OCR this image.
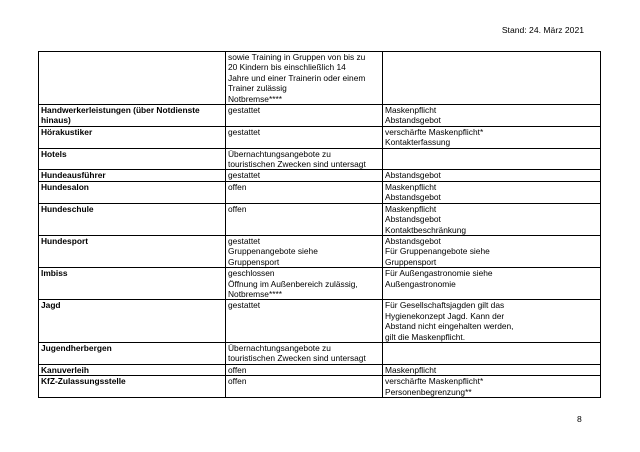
Stand: 24. März 2021

	sowie Training in Gruppen von bis zu
20 Kindern bis einschließlich 14
Jahre und einer Trainerin oder einem
Trainer zulässig
Notbremse****	

Handwerkerleistungen (über Notdienste hinaus)	gestattet	Maskenpflicht
Abstandsgebot

Hörakustiker	gestattet	verschärfte Maskenpflicht*
Kontakterfassung

Hotels	Übernachtungsangebote zu
touristischen Zwecken sind untersagt	

Hundeausführer	gestattet	Abstandsgebot

Hundesalon	offen	Maskenpflicht
Abstandsgebot

Hundeschule	offen	Maskenpflicht
Abstandsgebot
Kontaktbeschränkung

Hundesport	gestattet
Gruppenangebote siehe
Gruppensport	Abstandsgebot
Für Gruppenangebote siehe
Gruppensport

Imbiss	geschlossen
Öffnung im Außenbereich zulässig,
Notbremse****	Für Außengastronomie siehe
Außengastronomie

Jagd	gestattet	Für Gesellschaftsjagden gilt das
Hygienekonzept Jagd. Kann der
Abstand nicht eingehalten werden,
gilt die Maskenpflicht.

Jugendherbergen	Übernachtungsangebote zu
touristischen Zwecken sind untersagt	

Kanuverleih	offen	Maskenpflicht

KfZ-Zulassungsstelle	offen	verschärfte Maskenpflicht*
Personenbegrenzung**
8
